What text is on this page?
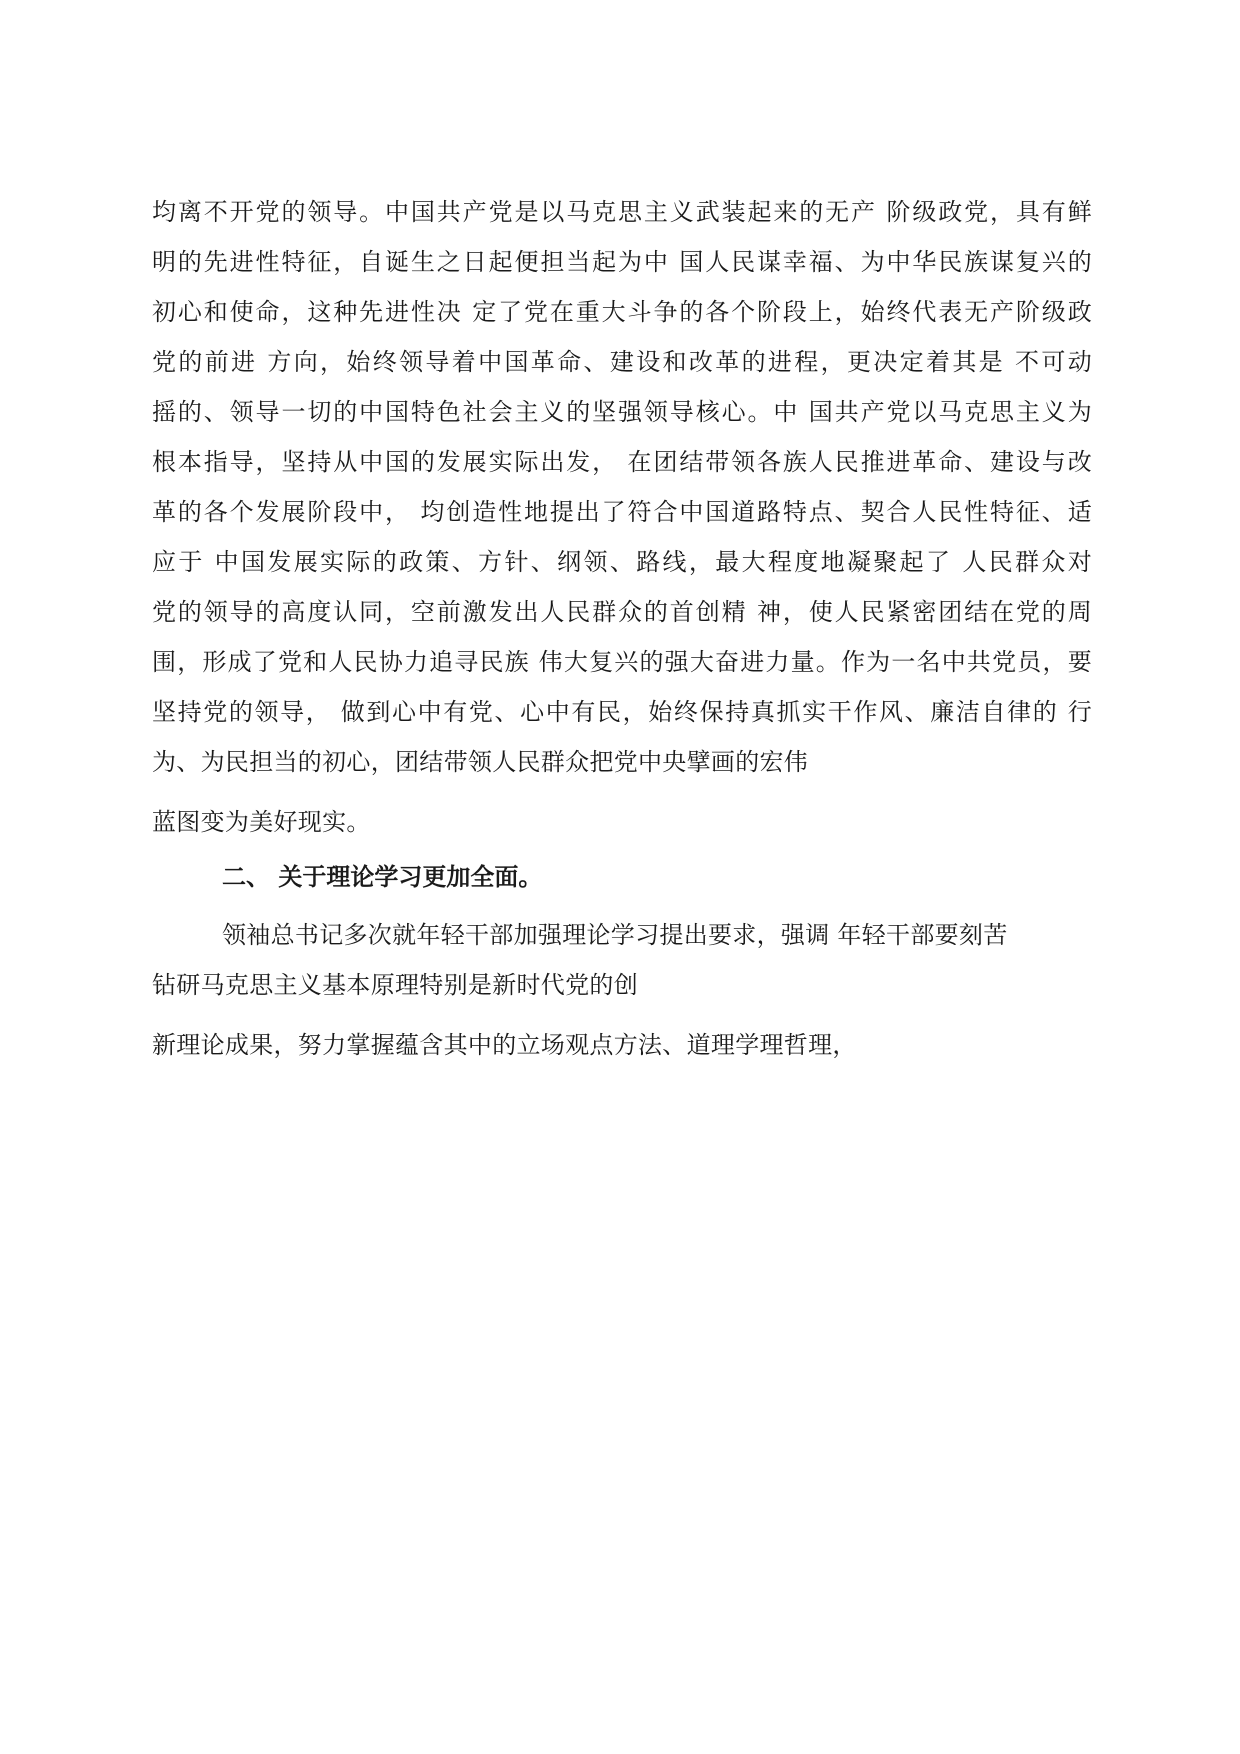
均离不开党的领导。中国共产党是以马克思主义武装起来的无产 阶级政党，具有鲜
明的先进性特征，自诞生之日起便担当起为中 国人民谋幸福、为中华民族谋复兴的
初心和使命，这种先进性决 定了党在重大斗争的各个阶段上，始终代表无产阶级政
党的前进 方向，始终领导着中国革命、建设和改革的进程，更决定着其是 不可动
摇的、领导一切的中国特色社会主义的坚强领导核心。中 国共产党以马克思主义为
根本指导，坚持从中国的发展实际出发， 在团结带领各族人民推进革命、建设与改
革的各个发展阶段中， 均创造性地提出了符合中国道路特点、契合人民性特征、适
应于 中国发展实际的政策、方针、纲领、路线，最大程度地凝聚起了 人民群众对
党的领导的高度认同，空前激发出人民群众的首创精 神，使人民紧密团结在党的周
围，形成了党和人民协力追寻民族 伟大复兴的强大奋进力量。作为一名中共党员，要
坚持党的领导， 做到心中有党、心中有民，始终保持真抓实干作风、廉洁自律的 行
为、为民担当的初心，团结带领人民群众把党中央擘画的宏伟
蓝图变为美好现实。
二、 关于理论学习更加全面。
领袖总书记多次就年轻干部加强理论学习提出要求，强调 年轻干部要刻苦
钻研马克思主义基本原理特别是新时代党的创
新理论成果，努力掌握蕴含其中的立场观点方法、道理学理哲理，
